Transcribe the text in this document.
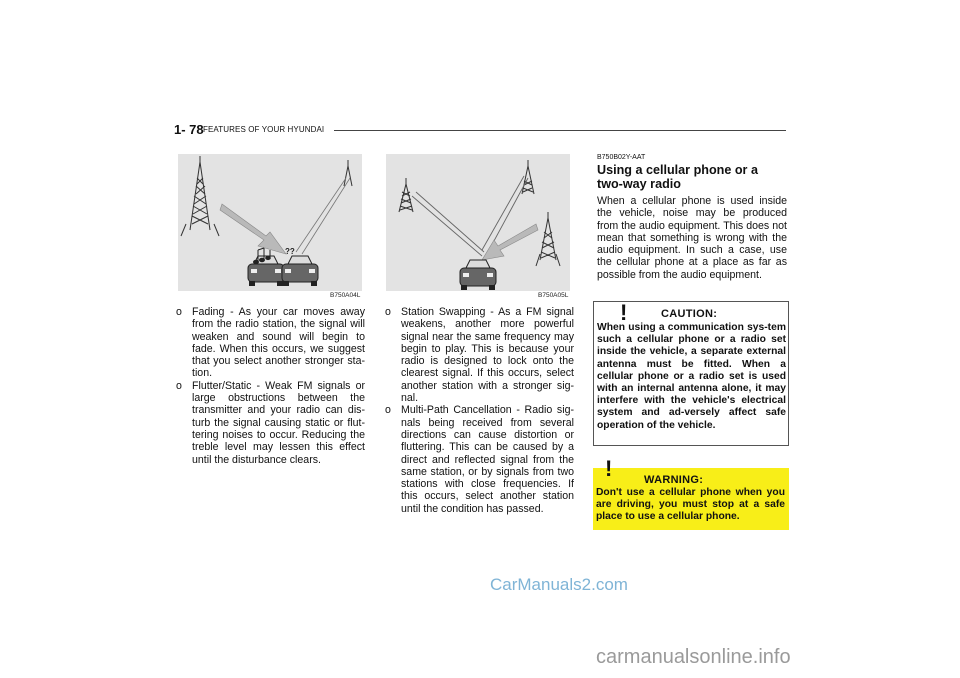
1- 78 FEATURES OF YOUR HYUNDAI
??
B750A04L	B750A05L
o Fading - As your car moves away from the radio station, the signal will weaken and sound will begin to fade. When this occurs, we suggest that you select another stronger sta-tion.
o Flutter/Static - Weak FM signals or large obstructions between the transmitter and your radio can dis-turb the signal causing static or flut-tering noises to occur. Reducing the treble level may lessen this effect until the disturbance clears.
o Station Swapping - As a FM signal weakens, another more powerful signal near the same frequency may begin to play. This is because your radio is designed to lock onto the clearest signal. If this occurs, select another station with a stronger sig-nal.
o Multi-Path Cancellation - Radio sig-nals being received from several directions can cause distortion or fluttering. This can be caused by a direct and reflected signal from the same station, or by signals from two stations with close frequencies. If this occurs, select another station until the condition has passed.
B750B02Y-AAT
Using a cellular phone or a two-way radio
When a cellular phone is used inside the vehicle, noise may be produced from the audio equipment. This does not mean that something is wrong with the audio equipment. In such a case, use the cellular phone at a place as far as possible from the audio equipment.
!	CAUTION:
When using a communication sys-tem such a cellular phone or a radio set inside the vehicle, a separate external antenna must be fitted. When a cellular phone or a radio set is used with an internal antenna alone, it may interfere with the vehicle's electrical system and ad-versely affect safe operation of the vehicle.
!	WARNING:
Don't use a cellular phone when you are driving, you must stop at a safe place to use a cellular phone.
CarManuals2.com
carmanualsonline.info
